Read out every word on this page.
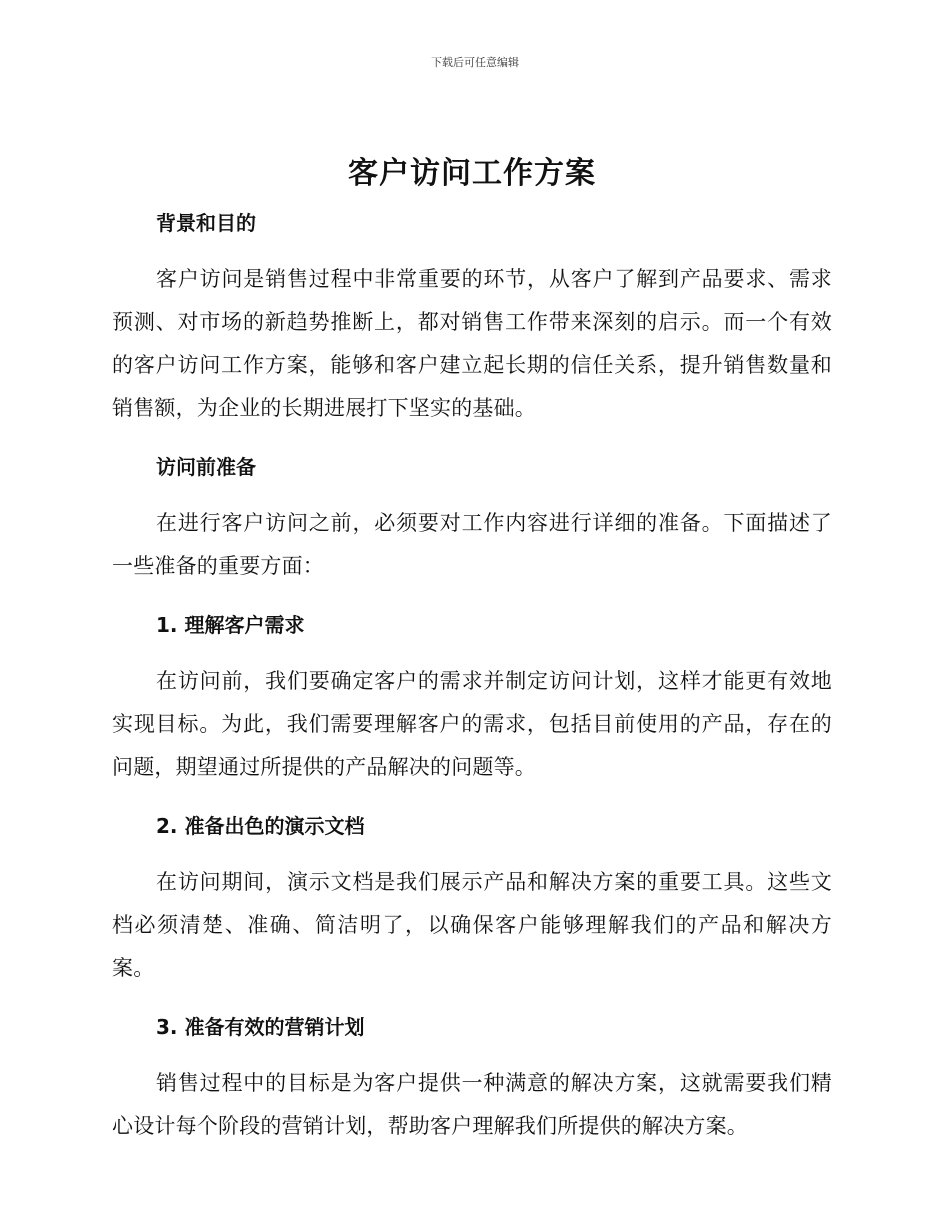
下载后可任意编辑
客户访问工作方案
背景和目的

客户访问是销售过程中非常重要的环节，从客户了解到产品要求、需求预测、对市场的新趋势推断上，都对销售工作带来深刻的启示。而一个有效的客户访问工作方案，能够和客户建立起长期的信任关系，提升销售数量和销售额，为企业的长期进展打下坚实的基础。

访问前准备

在进行客户访问之前，必须要对工作内容进行详细的准备。下面描述了一些准备的重要方面：

1. 理解客户需求

在访问前，我们要确定客户的需求并制定访问计划，这样才能更有效地实现目标。为此，我们需要理解客户的需求，包括目前使用的产品，存在的问题，期望通过所提供的产品解决的问题等。

2. 准备出色的演示文档

在访问期间，演示文档是我们展示产品和解决方案的重要工具。这些文档必须清楚、准确、简洁明了，以确保客户能够理解我们的产品和解决方案。

3. 准备有效的营销计划

销售过程中的目标是为客户提供一种满意的解决方案，这就需要我们精心设计每个阶段的营销计划，帮助客户理解我们所提供的解决方案。
